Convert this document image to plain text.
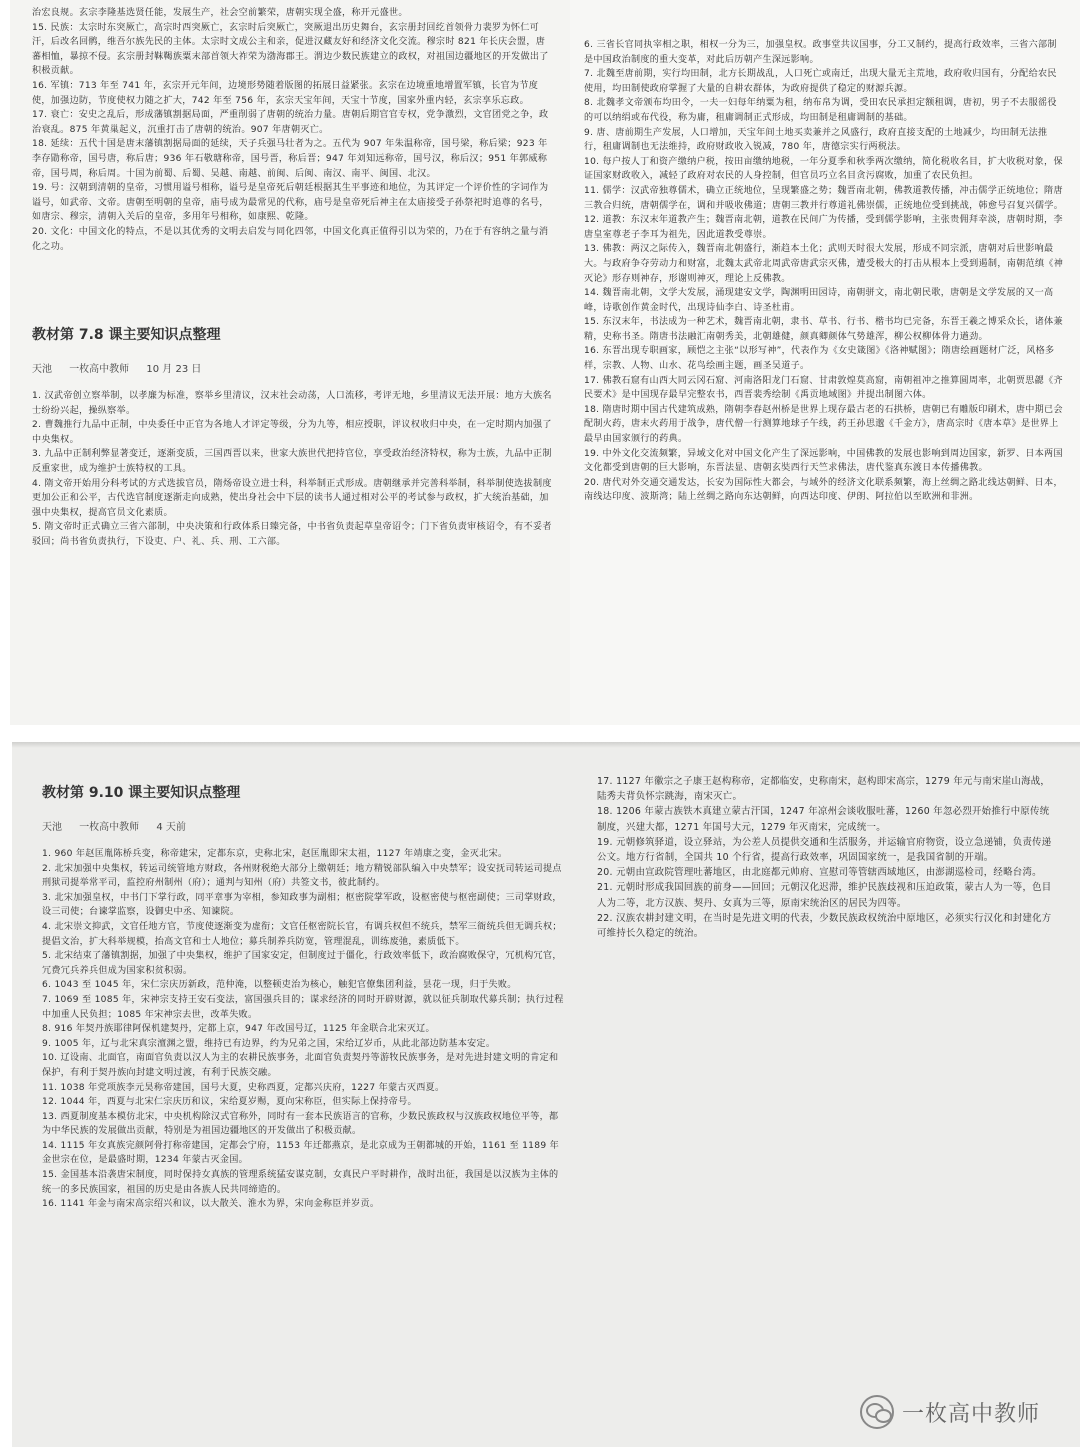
治宏良规。玄宗李隆基选贤任能，发展生产，社会空前繁荣，唐朝实现全盛，称开元盛世。

15. 民族：太宗时东突厥亡，高宗时西突厥亡，玄宗时后突厥亡，突厥退出历史舞台，玄宗册封回纥首领骨力裴罗为怀仁可汗，后改名回鹘，维吾尔族先民的主体。太宗时文成公主和亲，促进汉藏友好和经济文化交流。穆宗时 821 年长庆会盟，唐蕃相恤，暴掠不侵。玄宗册封靺鞨族粟末部首领大祚荣为渤海郡王。渭边少数民族建立的政权，对祖国边疆地区的开发做出了积极贡献。

16. 军镇：713 年至 741 年，玄宗开元年间，边境形势随着版图的拓展日益紧张。玄宗在边境重地增置军镇，长官为节度使，加强边防，节度使权力随之扩大，742 年至 756 年，玄宗天宝年间，天宝十节度，国家外重内轻，玄宗享乐忘政。

17. 衰亡：安史之乱后，形成藩镇割据局面，严重削弱了唐朝的统治力量。唐朝后期官官专权，党争激烈，文官团党之争，政治衰乱。875 年黄巢起义，沉重打击了唐朝的统治。907 年唐朝灭亡。

18. 延续：五代十国是唐末藩镇割据局面的延续，天子兵强马壮者为之。五代为 907 年朱温称帝，国号梁，称后梁；923 年李存勖称帝，国号唐，称后唐；936 年石敬瑭称帝，国号晋，称后晋；947 年刘知远称帝，国号汉，称后汉；951 年郭威称帝，国号周，称后周。十国为前蜀、后蜀、吴越、南越、前闽、后闽、南汉、南平、闽国、北汉。

19. 号：汉朝到清朝的皇帝，习惯用谥号相称，谥号是皇帝死后朝廷根据其生平事迹和地位，为其评定一个评价性的字词作为谥号，如武帝、文帝。唐朝至明朝的皇帝，庙号成为最常见的代称，庙号是皇帝死后神主在太庙接受子孙祭祀时追尊的名号，如唐宗、穆宗，清朝入关后的皇帝，多用年号相称，如康熙、乾隆。

20. 文化：中国文化的特点，不是以其优秀的文明去启发与同化四邻，中国文化真正值得引以为荣的，乃在于有容纳之量与消化之功。

教材第 7.8 课主要知识点整理
天池 一枚高中教师 10 月 23 日

1. 汉武帝创立察举制，以孝廉为标准，察举乡里清议，汉末社会动荡，人口流移，考评无地，乡里清议无法开展：地方大族名士纷纷兴起，操纵察举。

2. 曹魏推行九品中正制，中央委任中正官为各地人才评定等级，分为九等，相应授职，评议权收归中央，在一定时期内加强了中央集权。

3. 九品中正制利弊显著变迁，逐渐变质，三国西晋以来，世家大族世代把持官位，享受政治经济特权，称为士族，九品中正制反重家世，成为维护士族特权的工具。

4. 隋文帝开始用分科考试的方式选拔官员，隋炀帝设立进士科，科举制正式形成。唐朝继承并完善科举制，科举制使选拔制度更加公正和公平，古代选官制度逐渐走向成熟，使出身社会中下层的读书人通过相对公平的考试参与政权，扩大统治基础，加强中央集权，提高官员文化素质。

5. 隋文帝时正式确立三省六部制，中央决策和行政体系日臻完备，中书省负责起草皇帝诏令；门下省负责审核诏令，有不妥者驳回；尚书省负责执行，下设吏、户、礼、兵、刑、工六部。

6. 三省长官同执宰相之职，相权一分为三，加强皇权。政事堂共议国事，分工又制约，提高行政效率，三省六部制是中国政治制度的重大变革，对此后历朝产生深远影响。

7. 北魏至唐前期，实行均田制，北方长期战乱，人口死亡或南迁，出现大量无主荒地，政府收归国有，分配给农民使用，均田制使政府掌握了大量的自耕农群体，为政府提供了稳定的财源兵源。

8. 北魏孝文帝颁布均田令，一夫一妇每年纳粟为租，纳布帛为调，受田农民承担定额租调，唐初，男子不去服徭役的可以纳绢或布代役，称为庸，租庸调制正式形成，均田制是租庸调制的基础。

9. 唐、唐前期生产发展，人口增加，天宝年间土地买卖兼并之风盛行，政府直接支配的土地减少，均田制无法推行，租庸调制也无法维持，政府财政收入锐减，780 年，唐德宗实行两税法。

10. 每户按人丁和资产缴纳户税，按田亩缴纳地税，一年分夏季和秋季两次缴纳，简化税收名目，扩大收税对象，保证国家财政收入，减轻了政府对农民的人身控制，但官员巧立名目贪污腐败，加重了农民负担。

11. 儒学：汉武帝独尊儒术，确立正统地位，呈现繁盛之势；魏晋南北朝，佛教道教传播，冲击儒学正统地位；隋唐三教合归统，唐朝儒学在，调和并吸收佛道；唐朝三教并行尊道礼佛崇儒，正统地位受到挑战，韩愈号召复兴儒学。

12. 道教：东汉末年道教产生；魏晋南北朝，道教在民间广为传播，受到儒学影响，主张贵佣拜幸淡，唐朝时期，李唐皇室尊老子李耳为祖先，因此道教受尊崇。

13. 佛教：两汉之际传入，魏晋南北朝盛行，渐趋本土化；武则天时很大发展，形成不同宗派，唐朝对后世影响最大。与政府争夺劳动力和财富，北魏太武帝北周武帝唐武宗灭佛，遭受极大的打击从根本上受到遏制，南朝范缜《神灭论》形存则神存，形谢则神灭，理论上反佛教。

14. 魏晋南北朝，文学大发展，涌现建安文学，陶渊明田园诗，南朝骈文，南北朝民歌，唐朝是文学发展的又一高峰，诗歌创作黄金时代，出现诗仙李白、诗圣杜甫。

15. 东汉末年，书法成为一种艺术，魏晋南北朝，隶书、草书、行书、楷书均已完备，东晋王羲之博采众长，诸体兼精，史称书圣。隋唐书法融汇南朝秀美，北朝雄健，颜真卿颜体气势雄浑，柳公权柳体骨力遒劲。

16. 东晋出现专职画家，顾恺之主张“以形写神”，代表作为《女史箴图》《洛神赋图》；隋唐绘画题材广泛，风格多样，宗教、人物、山水、花鸟绘画主题，画圣吴道子。

17. 佛教石窟有山西大同云冈石窟、河南洛阳龙门石窟、甘肃敦煌莫高窟，南朝祖冲之推算圆周率，北朝贾思勰《齐民要术》是中国现存最早完整农书，西晋裴秀绘制《禹贡地域图》并提出制图六体。

18. 隋唐时期中国古代建筑成熟，隋朝李春赵州桥是世界上现存最古老的石拱桥，唐朝已有雕版印刷术，唐中期已会配制火药，唐末火药用于战争，唐代僧一行测算地球子午线，药王孙思邈《千金方》，唐高宗时《唐本草》是世界上最早由国家颁行的药典。

19. 中外文化交流频繁，异域文化对中国文化产生了深远影响，中国佛教的发展也影响到周边国家，新罗、日本两国文化都受到唐朝的巨大影响，东晋法显、唐朝玄奘西行天竺求佛法，唐代鉴真东渡日本传播佛教。

20. 唐代对外交通交通发达，长安为国际性大都会，与域外的经济文化联系频繁，海上丝绸之路北线达朝鲜、日本，南线达印度、波斯湾；陆上丝绸之路向东达朝鲜，向西达印度、伊朗、阿拉伯以至欧洲和非洲。

教材第 9.10 课主要知识点整理
天池 一枚高中教师 4 天前

1. 960 年赵匡胤陈桥兵变，称帝建宋，定都东京，史称北宋，赵匡胤即宋太祖，1127 年靖康之变，金灭北宋。

2. 北宋加强中央集权，转运司统管地方财政，各州财税绝大部分上缴朝廷；地方精锐部队编入中央禁军；设安抚司转运司提点刑狱司提举常平司，监控府州制州（府）；通判与知州（府）共签文书，彼此制约。

3. 北宋加强皇权，中书门下掌行政，同平章事为宰相，参知政事为副相；枢密院掌军政，设枢密使与枢密副使；三司掌财政，设三司使；台谏掌监察，设御史中丞、知谏院。

4. 北宋崇文抑武，文官任地方官，节度使逐渐变为虚衔；文官任枢密院长官，有调兵权但不统兵，禁军三衙统兵但无调兵权；提倡文治，扩大科举规模，抬高文官和士人地位；募兵制养兵防宽，管理混乱，训练废弛，素质低下。

5. 北宋结束了藩镇割据，加强了中央集权，维护了国家安定，但制度过于僵化，行政效率低下，政治腐败保守，冗机构冗官，冗费冗兵养兵但成为国家积贫积弱。

6. 1043 至 1045 年，宋仁宗庆历新政，范仲淹，以整顿吏治为核心，触犯官僚集团利益，昙花一现，归于失败。

7. 1069 至 1085 年，宋神宗支持王安石变法，富国强兵目的；谋求经济的同时开辟财源，就以征兵制取代募兵制；执行过程中加重人民负担；1085 年宋神宗去世，改革失败。

8. 916 年契丹族耶律阿保机建契丹，定都上京，947 年改国号辽，1125 年金联合北宋灭辽。

9. 1005 年，辽与北宋真宗澶渊之盟，维持已有边界，约为兄弟之国，宋给辽岁币，从此北部边防基本安定。

10. 辽设南、北面官，南面官负责以汉人为主的农耕民族事务，北面官负责契丹等游牧民族事务，是对先进封建文明的肯定和保护，有利于契丹族向封建文明过渡，有利于民族交融。

11. 1038 年党项族李元昊称帝建国，国号大夏，史称西夏，定都兴庆府，1227 年蒙古灭西夏。

12. 1044 年，西夏与北宋仁宗庆历和议，宋给夏岁赐，夏向宋称臣，但实际上保持帝号。

13. 西夏制度基本模仿北宋，中央机构除汉式官称外，同时有一套本民族语言的官称，少数民族政权与汉族政权地位平等，都为中华民族的发展做出贡献，特别是为祖国边疆地区的开发做出了积极贡献。

14. 1115 年女真族完颜阿骨打称帝建国，定都会宁府，1153 年迁都燕京，是北京成为王朝都城的开始，1161 至 1189 年金世宗在位，是最盛时期，1234 年蒙古灭金国。

15. 金国基本沿袭唐宋制度，同时保持女真族的管理系统猛安谋克制，女真民户平时耕作，战时出征，我国是以汉族为主体的统一的多民族国家，祖国的历史是由各族人民共同缔造的。

16. 1141 年金与南宋高宗绍兴和议，以大散关、淮水为界，宋向金称臣并岁贡。

17. 1127 年徽宗之子康王赵构称帝，定都临安，史称南宋，赵构即宋高宗，1279 年元与南宋崖山海战，陆秀夫背负怀宗跳海，南宋灭亡。

18. 1206 年蒙古族铁木真建立蒙古汗国，1247 年凉州会谈收服吐蕃，1260 年忽必烈开始推行中原传统制度，兴建大都，1271 年国号大元，1279 年灭南宋，完成统一。

19. 元朝修筑驿道，设立驿站，为公差人员提供交通和生活服务，并运输官府物资，设立急递铺，负责传递公文。地方行省制，全国共 10 个行省，提高行政效率，巩固国家统一，是我国省制的开端。

20. 元朝由宣政院管理吐蕃地区，由北庭都元帅府、宣慰司等管辖西域地区，由澎湖巡检司，经略台湾。

21. 元朝时形成我国回族的前身——回回；元朝汉化迟滞，维护民族歧视和压迫政策，蒙古人为一等，色目人为二等，北方汉族、契丹、女真为三等，原南宋统治区的居民为四等。

22. 汉族农耕封建文明，在当时是先进文明的代表，少数民族政权统治中原地区，必须实行汉化和封建化方可维持长久稳定的统治。

一枚高中教师
